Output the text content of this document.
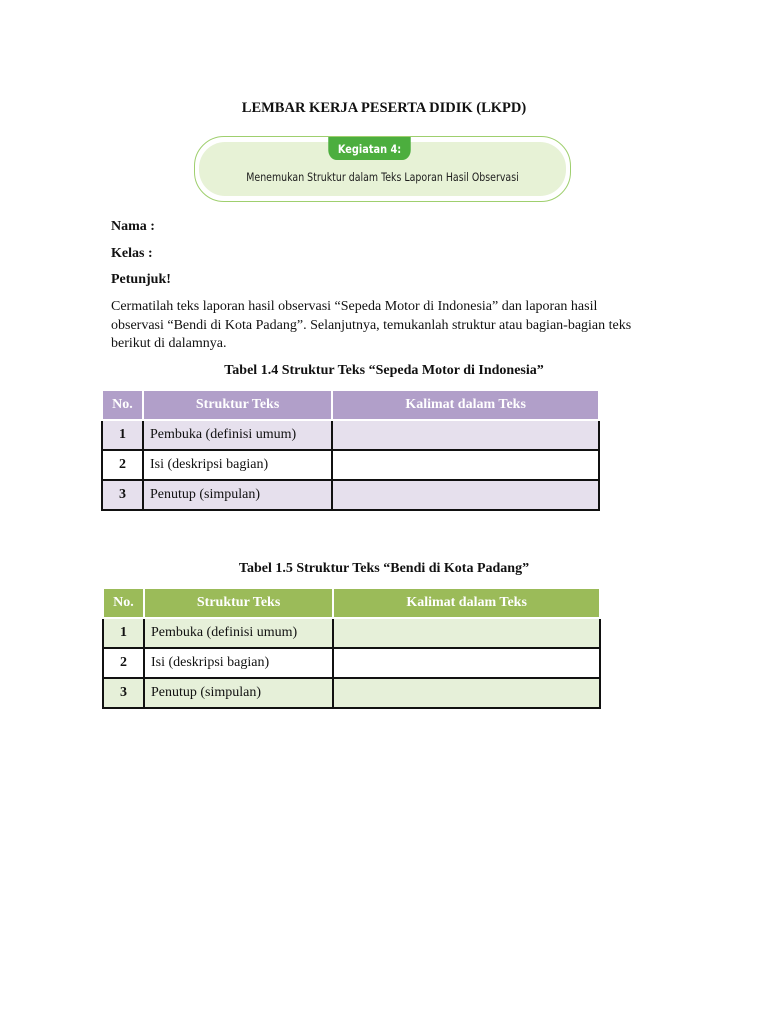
LEMBAR KERJA PESERTA DIDIK (LKPD)
Kegiatan 4:
Menemukan Struktur dalam Teks Laporan Hasil Observasi
Nama :
Kelas :
Petunjuk!
Cermatilah teks laporan hasil observasi “Sepeda Motor di Indonesia” dan laporan hasil observasi “Bendi di Kota Padang”. Selanjutnya, temukanlah struktur atau bagian-bagian teks berikut di dalamnya.
Tabel 1.4 Struktur Teks “Sepeda Motor di Indonesia”
No.	Struktur Teks	Kalimat dalam Teks
1	Pembuka (definisi umum)	
2	Isi (deskripsi bagian)	
3	Penutup (simpulan)	
Tabel 1.5 Struktur Teks “Bendi di Kota Padang”
No.	Struktur Teks	Kalimat dalam Teks
1	Pembuka (definisi umum)	
2	Isi (deskripsi bagian)	
3	Penutup (simpulan)	
